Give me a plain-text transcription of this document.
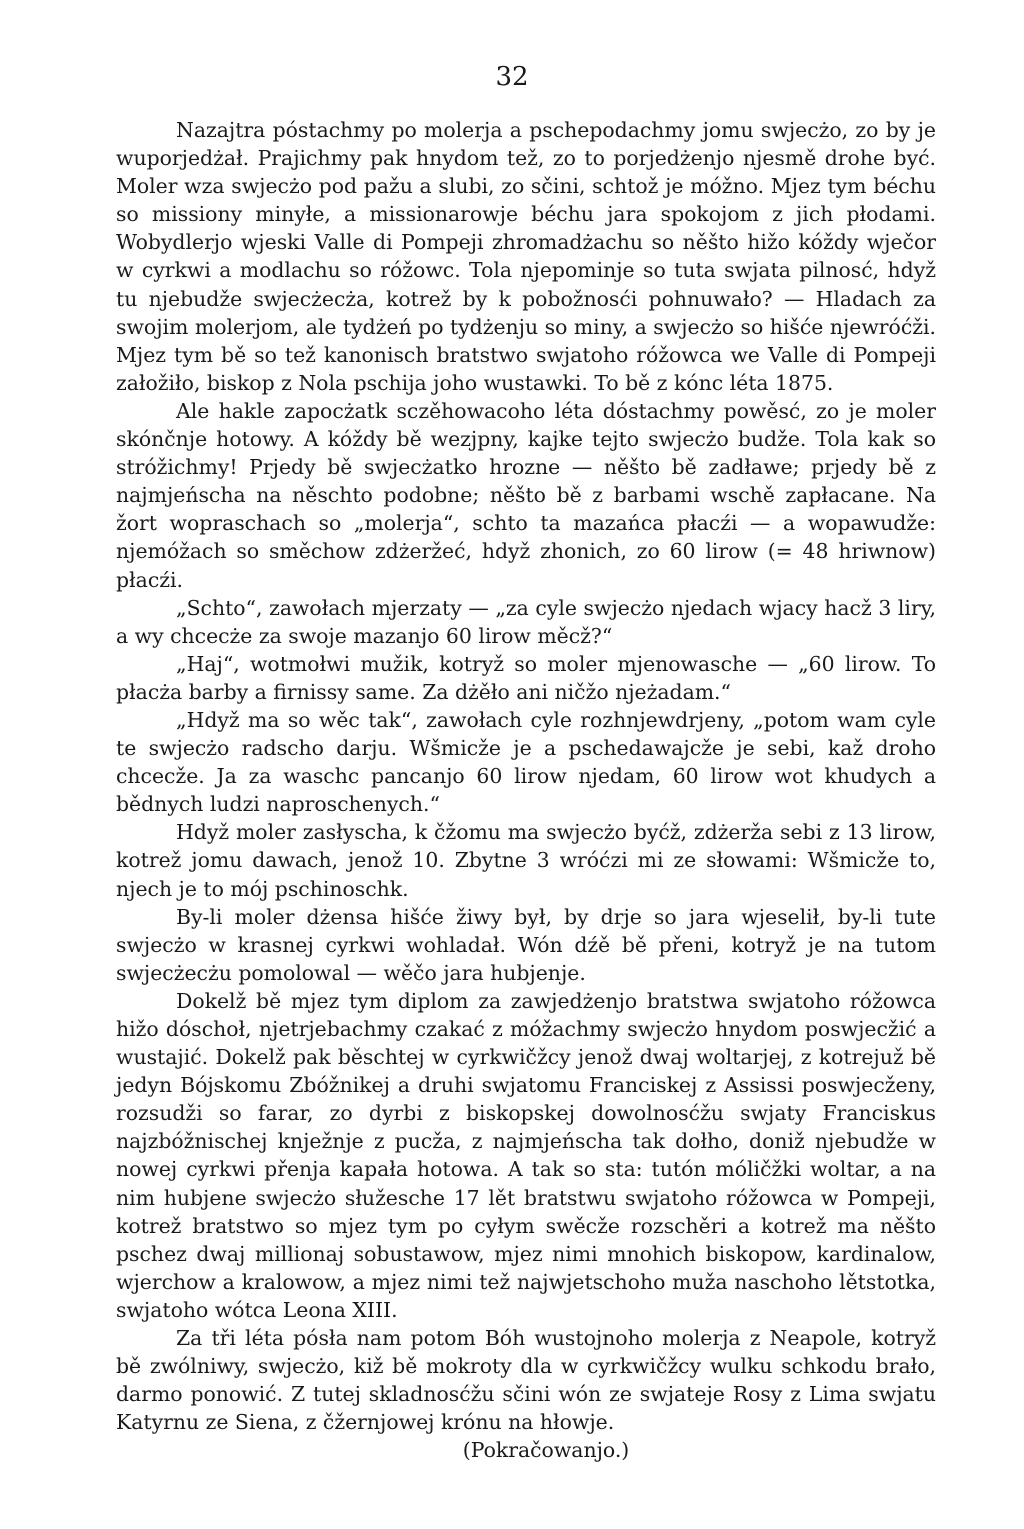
32

Nazajtra póstachmy po molerja a pschepodachmy jomu swjecżo, zo by je wuporjedżał. Prajichmy pak hnydom tež, zo to porjedżenjo njesmě drohe być. Moler wza swjecżo pod pažu a slubi, zo sčini, schtož je móžno. Mjez tym béchu so missiony minyłe, a missionarowje béchu jara spokojom z jich płodami. Wobydlerjo wjeski Valle di Pompeji zhromadżachu so něšto hižo kóždy wječor w cyrkwi a modlachu so róžowc. Tola njepominje so tuta swjata pilnosć, hdyž tu njebudže swjecżecża, kotrež by k pobožnosći pohnuwało? — Hladach za swojim molerjom, ale tydżeń po tydżenju so miny, a swjecżo so hišće njewróćži. Mjez tym bě so tež kanonisch bratstwo swjatoho róžowca we Valle di Pompeji załožiło, biskop z Nola pschija joho wustawki. To bě z kónc léta 1875.

Ale hakle zapocżatk sczěhowacoho léta dóstachmy powěsć, zo je moler skónčnje hotowy. A kóždy bě wezjpny, kajke tejto swjecżo budže. Tola kak so stróžichmy! Prjedy bě swjecżatko hrozne — něšto bě zadławe; prjedy bě z najmjeńscha na něschto podobne; něšto bě z barbami wschě zapłacane. Na žort wopraschach so „molerja“, schto ta mazańca płacźi — a wopawudže: njemóžach so směchow zdżeržeć, hdyž zhonich, zo 60 lirow (= 48 hriwnow) płacźi.

„Schto“, zawołach mjerzaty — „za cyle swjecżo njedach wjacy hacž 3 liry, a wy chcecże za swoje mazanjo 60 lirow měcž?“

„Haj“, wotmołwi mužik, kotryž so moler mjenowasche — „60 lirow. To płacża barby a firnissy same. Za dżěło ani ničžo njeżadam.“

„Hdyž ma so wěc tak“, zawołach cyle rozhnjewdrjeny, „potom wam cyle te swjecżo radscho darju. Wšmicže je a pschedawajcže je sebi, kaž droho chcecže. Ja za waschc pancanjo 60 lirow njedam, 60 lirow wot khudych a bědnych ludzi naproschenych.“

Hdyž moler zasłyscha, k čžomu ma swjecżo byćž, zdżerža sebi z 13 lirow, kotrež jomu dawach, jenož 10. Zbytne 3 wróćzi mi ze słowami: Wšmicže to, njech je to mój pschinoschk.

By-li moler dżensa hišće žiwy był, by drje so jara wjeselił, by-li tute swjecżo w krasnej cyrkwi wohladał. Wón dźě bě přeni, kotryž je na tutom swjecżecżu pomolowal — wěčo jara hubjenje.

Dokelž bě mjez tym diplom za zawjedżenjo bratstwa swjatoho róžowca hižo dóschoł, njetrjebachmy czakać z móžachmy swjecżo hnydom poswjecžić a wustajić. Dokelž pak běschtej w cyrkwičžcy jenož dwaj woltarjej, z kotrejuž bě jedyn Bójskomu Zbóžnikej a druhi swjatomu Franciskej z Assissi poswjecženy, rozsudži so farar, zo dyrbi z biskopskej dowolnosćžu swjaty Franciskus najzbóžnischej knježnje z pucža, z najmjeńscha tak dołho, doniž njebudže w nowej cyrkwi přenja kapała hotowa. A tak so sta: tutón móličžki woltar, a na nim hubjene swjecżo słužesche 17 lět bratstwu swjatoho róžowca w Pompeji, kotrež bratstwo so mjez tym po cyłym swěcže rozschěri a kotrež ma něšto pschez dwaj millionaj sobustawow, mjez nimi mnohich biskopow, kardinalow, wjerchow a kralowow, a mjez nimi tež najwjetschoho muža naschoho lětstotka, swjatoho wótca Leona XIII.

Za tři léta pósła nam potom Bóh wustojnoho molerja z Neapole, kotryž bě zwólniwy, swjecżo, kiž bě mokroty dla w cyrkwičžcy wulku schkodu brało, darmo ponowić. Z tutej skladnosćžu sčini wón ze swjateje Rosy z Lima swjatu Katyrnu ze Siena, z čžernjowej krónu na hłowje.

(Pokračowanjo.)
